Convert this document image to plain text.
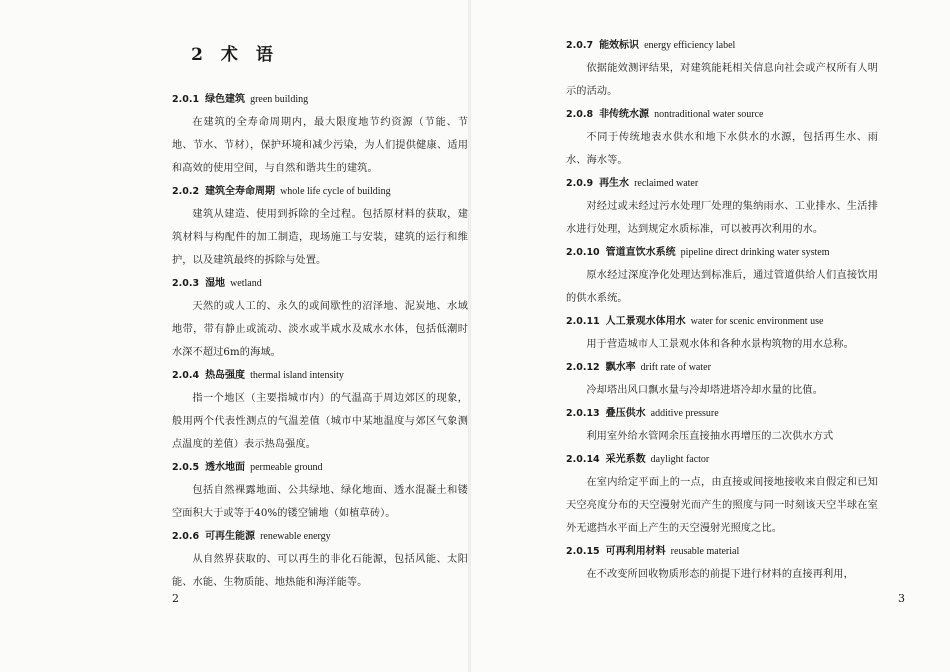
2 术 语
2.0.1 绿色建筑 green building
在建筑的全寿命周期内，最大限度地节约资源（节能、节地、节水、节材），保护环境和减少污染，为人们提供健康、适用和高效的使用空间，与自然和谐共生的建筑。
2.0.2 建筑全寿命周期 whole life cycle of building
建筑从建造、使用到拆除的全过程。包括原材料的获取，建筑材料与构配件的加工制造，现场施工与安装，建筑的运行和维护，以及建筑最终的拆除与处置。
2.0.3 湿地 wetland
天然的或人工的、永久的或间歇性的沼泽地、泥炭地、水域地带，带有静止或流动、淡水或半咸水及咸水水体，包括低潮时水深不超过6m的海域。
2.0.4 热岛强度 thermal island intensity
指一个地区（主要指城市内）的气温高于周边郊区的现象，般用两个代表性测点的气温差值（城市中某地温度与郊区气象测点温度的差值）表示热岛强度。
2.0.5 透水地面 permeable ground
包括自然裸露地面、公共绿地、绿化地面、透水混凝土和镂空面积大于或等于40%的镂空铺地（如植草砖）。
2.0.6 可再生能源 renewable energy
从自然界获取的、可以再生的非化石能源，包括风能、太阳能、水能、生物质能、地热能和海洋能等。
2
2.0.7 能效标识 energy efficiency label
依据能效测评结果，对建筑能耗相关信息向社会或产权所有人明示的活动。
2.0.8 非传统水源 nontraditional water source
不同于传统地表水供水和地下水供水的水源，包括再生水、雨水、海水等。
2.0.9 再生水 reclaimed water
对经过或未经过污水处理厂处理的集纳雨水、工业排水、生活排水进行处理，达到规定水质标准，可以被再次利用的水。
2.0.10 管道直饮水系统 pipeline direct drinking water system
原水经过深度净化处理达到标准后，通过管道供给人们直接饮用的供水系统。
2.0.11 人工景观水体用水 water for scenic environment use
用于营造城市人工景观水体和各种水景构筑物的用水总称。
2.0.12 飘水率 drift rate of water
冷却塔出风口飘水量与冷却塔进塔冷却水量的比值。
2.0.13 叠压供水 additive pressure
利用室外给水管网余压直接抽水再增压的二次供水方式
2.0.14 采光系数 daylight factor
在室内给定平面上的一点，由直接或间接地接收来自假定和已知天空亮度分布的天空漫射光而产生的照度与同一时刻该天空半球在室外无遮挡水平面上产生的天空漫射光照度之比。
2.0.15 可再利用材料 reusable material
在不改变所回收物质形态的前提下进行材料的直接再利用，
3
